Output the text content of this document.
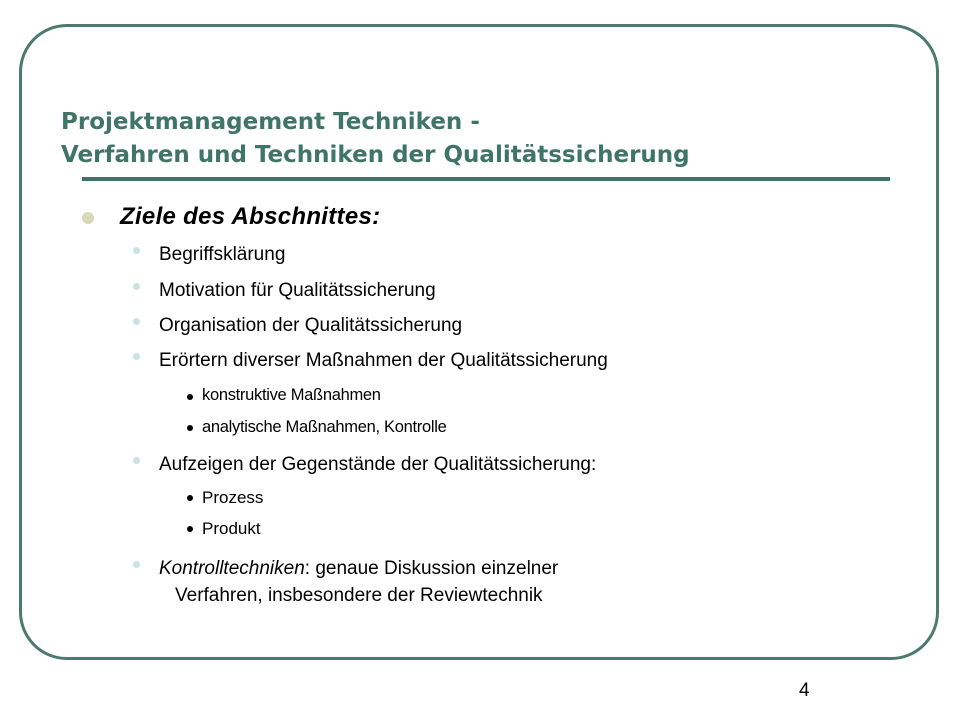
Projektmanagement Techniken -
Verfahren und Techniken der Qualitätssicherung
Ziele des Abschnittes:
Begriffsklärung
Motivation für Qualitätssicherung
Organisation der Qualitätssicherung
Erörtern diverser Maßnahmen der Qualitätssicherung
konstruktive Maßnahmen
analytische Maßnahmen, Kontrolle
Aufzeigen der Gegenstände der Qualitätssicherung:
Prozess
Produkt
Kontrolltechniken: genaue Diskussion einzelner
Verfahren, insbesondere der Reviewtechnik
4
